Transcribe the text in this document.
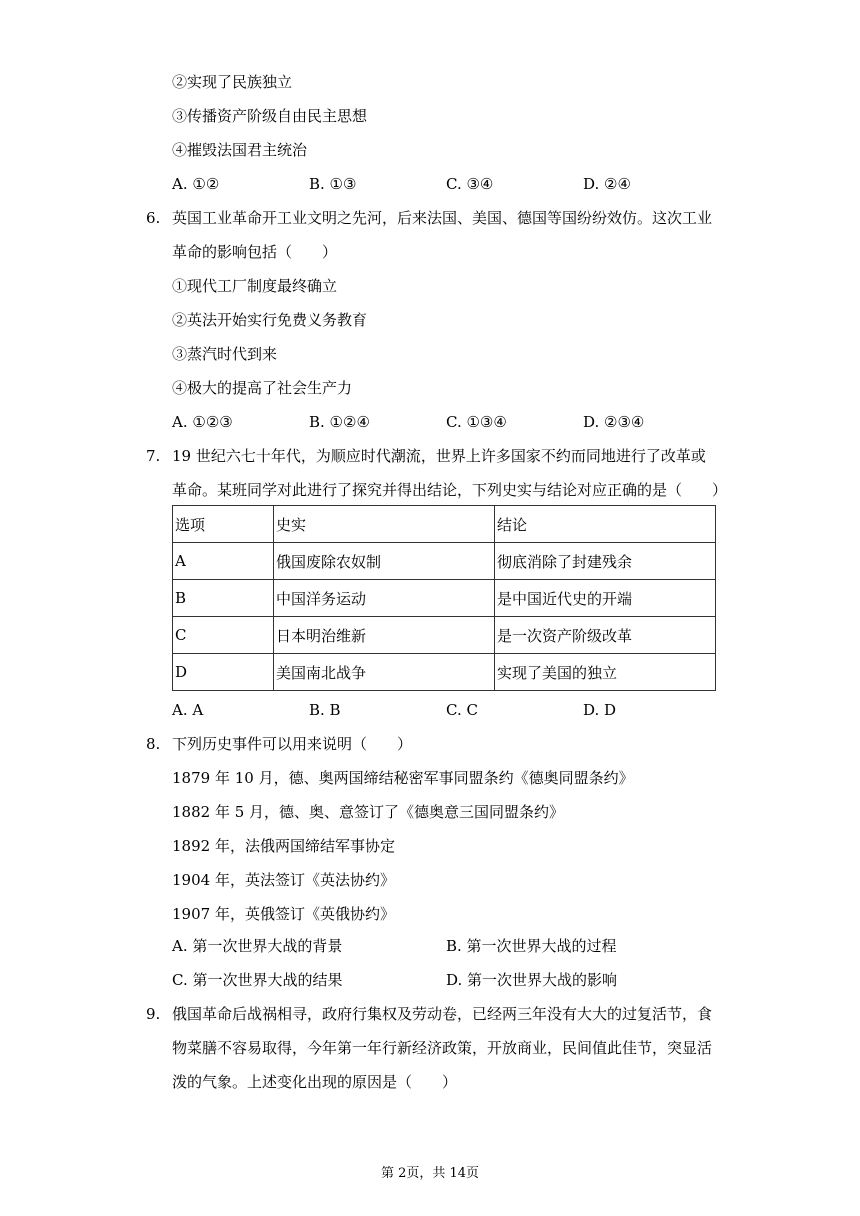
②实现了民族独立
③传播资产阶级自由民主思想
④摧毁法国君主统治
A. ①②	B. ①③	C. ③④	D. ②④
6. 英国工业革命开工业文明之先河，后来法国、美国、德国等国纷纷效仿。这次工业
革命的影响包括（　　）
①现代工厂制度最终确立
②英法开始实行免费义务教育
③蒸汽时代到来
④极大的提高了社会生产力
A. ①②③	B. ①②④	C. ①③④	D. ②③④
7. 19 世纪六七十年代，为顺应时代潮流，世界上许多国家不约而同地进行了改革或
革命。某班同学对此进行了探究并得出结论，下列史实与结论对应正确的是（　　）
选项	史实	结论
A	俄国废除农奴制	彻底消除了封建残余
B	中国洋务运动	是中国近代史的开端
C	日本明治维新	是一次资产阶级改革
D	美国南北战争	实现了美国的独立
A. A	B. B	C. C	D. D
8. 下列历史事件可以用来说明（　　）
1879 年 10 月，德、奥两国缔结秘密军事同盟条约《德奥同盟条约》
1882 年 5 月，德、奥、意签订了《德奥意三国同盟条约》
1892 年，法俄两国缔结军事协定
1904 年，英法签订《英法协约》
1907 年，英俄签订《英俄协约》
A. 第一次世界大战的背景	B. 第一次世界大战的过程
C. 第一次世界大战的结果	D. 第一次世界大战的影响
9. 俄国革命后战祸相寻，政府行集权及劳动卷，已经两三年没有大大的过复活节，食
物菜膳不容易取得，今年第一年行新经济政策，开放商业，民间值此佳节，突显活
泼的气象。上述变化出现的原因是（　　）
第 2页，共 14页
